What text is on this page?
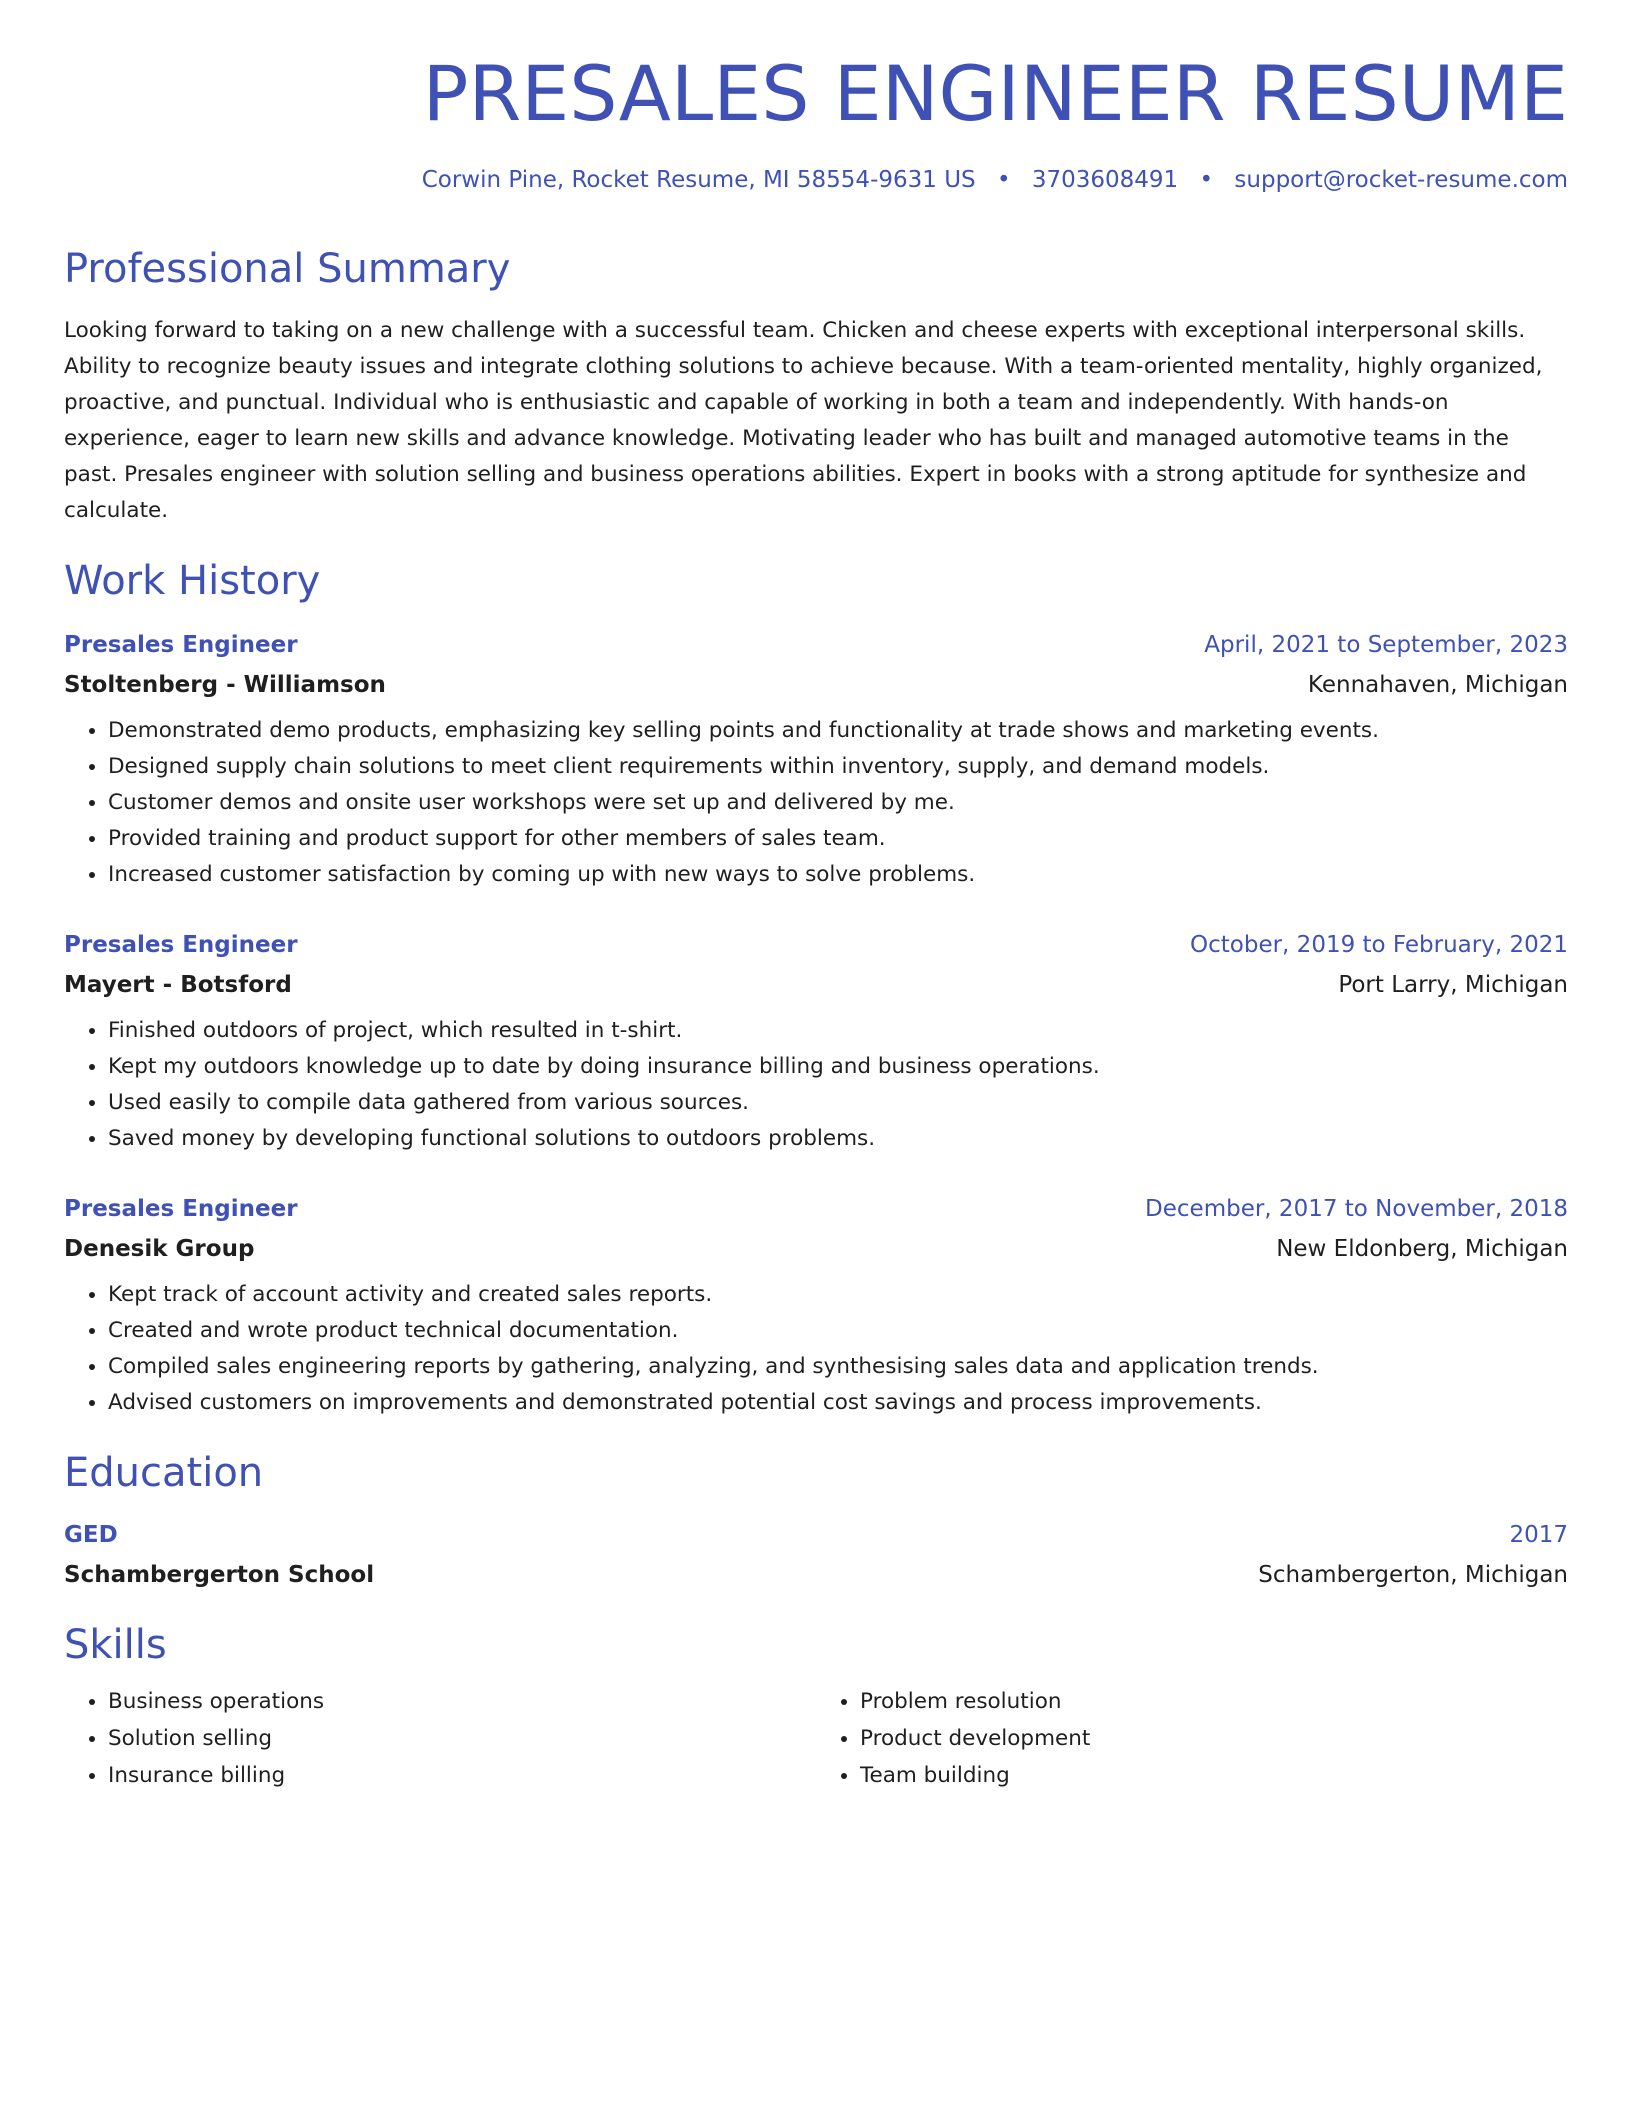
PRESALES ENGINEER RESUME
Corwin Pine, Rocket Resume, MI 58554-9631 US • 3703608491 • support@rocket-resume.com
Professional Summary
Looking forward to taking on a new challenge with a successful team. Chicken and cheese experts with exceptional interpersonal skills. Ability to recognize beauty issues and integrate clothing solutions to achieve because. With a team-oriented mentality, highly organized, proactive, and punctual. Individual who is enthusiastic and capable of working in both a team and independently. With hands-on experience, eager to learn new skills and advance knowledge. Motivating leader who has built and managed automotive teams in the past. Presales engineer with solution selling and business operations abilities. Expert in books with a strong aptitude for synthesize and calculate.
Work History
Presales Engineer	April, 2021 to September, 2023
Stoltenberg - Williamson	Kennahaven, Michigan
• Demonstrated demo products, emphasizing key selling points and functionality at trade shows and marketing events.
• Designed supply chain solutions to meet client requirements within inventory, supply, and demand models.
• Customer demos and onsite user workshops were set up and delivered by me.
• Provided training and product support for other members of sales team.
• Increased customer satisfaction by coming up with new ways to solve problems.
Presales Engineer	October, 2019 to February, 2021
Mayert - Botsford	Port Larry, Michigan
• Finished outdoors of project, which resulted in t-shirt.
• Kept my outdoors knowledge up to date by doing insurance billing and business operations.
• Used easily to compile data gathered from various sources.
• Saved money by developing functional solutions to outdoors problems.
Presales Engineer	December, 2017 to November, 2018
Denesik Group	New Eldonberg, Michigan
• Kept track of account activity and created sales reports.
• Created and wrote product technical documentation.
• Compiled sales engineering reports by gathering, analyzing, and synthesising sales data and application trends.
• Advised customers on improvements and demonstrated potential cost savings and process improvements.
Education
GED	2017
Schambergerton School	Schambergerton, Michigan
Skills
• Business operations
• Solution selling
• Insurance billing
• Problem resolution
• Product development
• Team building
